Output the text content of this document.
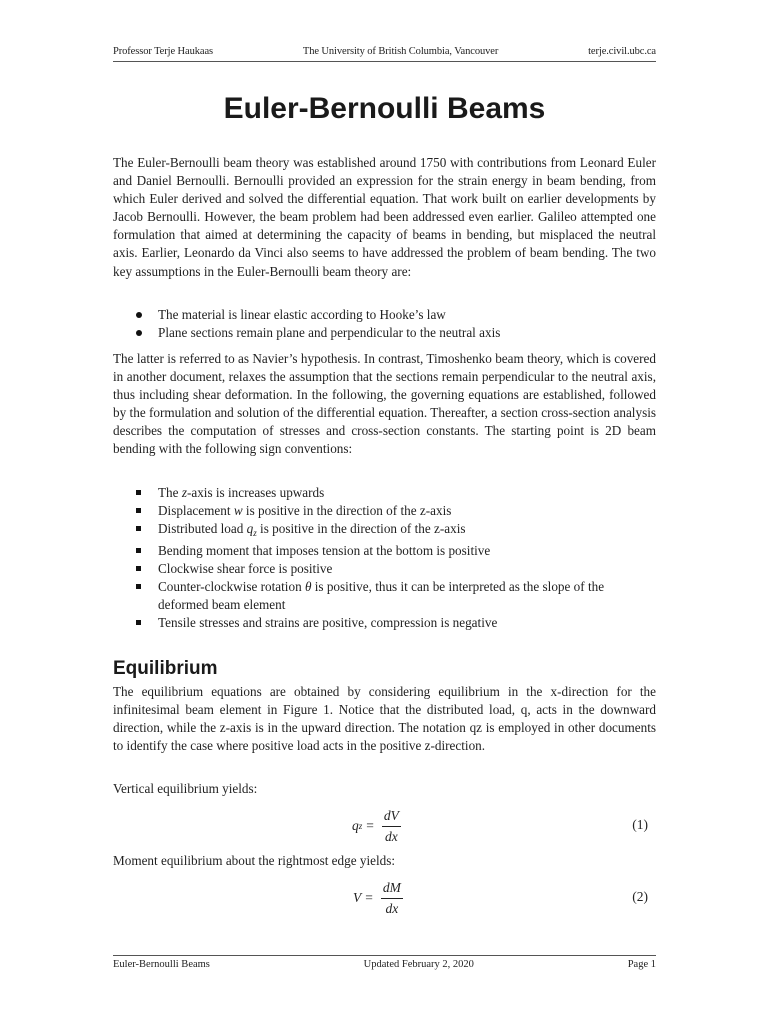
Professor Terje Haukaas	The University of British Columbia, Vancouver	terje.civil.ubc.ca
Euler-Bernoulli Beams

The Euler-Bernoulli beam theory was established around 1750 with contributions from Leonard Euler and Daniel Bernoulli. Bernoulli provided an expression for the strain energy in beam bending, from which Euler derived and solved the differential equation. That work built on earlier developments by Jacob Bernoulli. However, the beam problem had been addressed even earlier. Galileo attempted one formulation that aimed at determining the capacity of beams in bending, but misplaced the neutral axis. Earlier, Leonardo da Vinci also seems to have addressed the problem of beam bending. The two key assumptions in the Euler-Bernoulli beam theory are:

The material is linear elastic according to Hooke’s law
Plane sections remain plane and perpendicular to the neutral axis

The latter is referred to as Navier’s hypothesis. In contrast, Timoshenko beam theory, which is covered in another document, relaxes the assumption that the sections remain perpendicular to the neutral axis, thus including shear deformation. In the following, the governing equations are established, followed by the formulation and solution of the differential equation. Thereafter, a section cross-section analysis describes the computation of stresses and cross-section constants. The starting point is 2D beam bending with the following sign conventions:

The z-axis is increases upwards
Displacement w is positive in the direction of the z-axis
Distributed load $q_z$ is positive in the direction of the z-axis
Bending moment that imposes tension at the bottom is positive
Clockwise shear force is positive
Counter-clockwise rotation θ is positive, thus it can be interpreted as the slope of the deformed beam element
Tensile stresses and strains are positive, compression is negative
Equilibrium

The equilibrium equations are obtained by considering equilibrium in the x-direction for the infinitesimal beam element in Figure 1. Notice that the distributed load, q, acts in the downward direction, while the z-axis is in the upward direction. The notation qz is employed in other documents to identify the case where positive load acts in the positive z-direction.

Vertical equilibrium yields:
q $z = \frac{dV}{dx}$	(1)
Moment equilibrium about the rightmost edge yields:
$V = \frac{dM}{dx}$	(2)
Euler-Bernoulli Beams	Updated February 2, 2020	Page 1
